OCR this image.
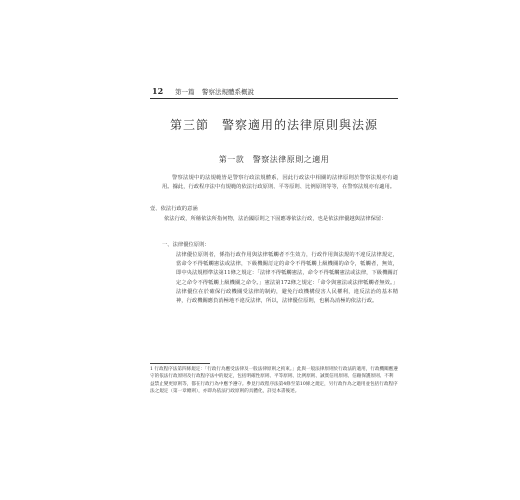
12 第一篇 警察法規體系概說
第三節　警察適用的法律原則與法源
第一款　警察法律原則之適用
警察法規中的法規範皆是警察行政法規體系，因此行政法中相關的法律原則於警察法規亦有適用。據此，行政程序法中有規範的依法行政原則、平等原則、比例原則等等，在警察法規亦有適用。
壹、依法行政的意涵
依法行政，所稱依法所指何物，法治國原則之下固應導依法行政，也是依法律優越與法律保留：
一、法律優位原則：
法律優位原則者，係指行政作用與法律牴觸者不生效力，行政作用與法規的不違反法律規定，當命令不得牴觸憲法或法律，下級機關訂定的命令不得牴觸上級機關的命令，牴觸者，無效，即中央法規標準法第11條之規定：「法律不得牴觸憲法，命令不得牴觸憲法或法律，下級機關訂定之命令不得牴觸上級機關之命令。」憲法第172條之規定：「命令與憲法或法律牴觸者無效。」法律優位在於確保行政機關受法律的制約，避免行政機構侵害人民權利，違反法治的基本精神，行政機關應負消極地不違反法律，所以，法律優位原則，也稱為消極的依法行政。
1 行政程序法第四條規定：「行政行為應受法律及一般法律原則之拘束。」此與一般法律原則於行政法的適用，行政機關應遵守的依法行政原則及行政程序法中的規定，包括明確性原則、平等原則、比例原則、誠實信用原則、信賴保護原則、不利益禁止變更原則等，都在行政行為中應予遵守。參見行政程序法第4條至第10條之規定，另行政作為之適用並包括行政程序法之規定（第一章總則），亦即為依法行政原則的具體化，詳見本書後述。
